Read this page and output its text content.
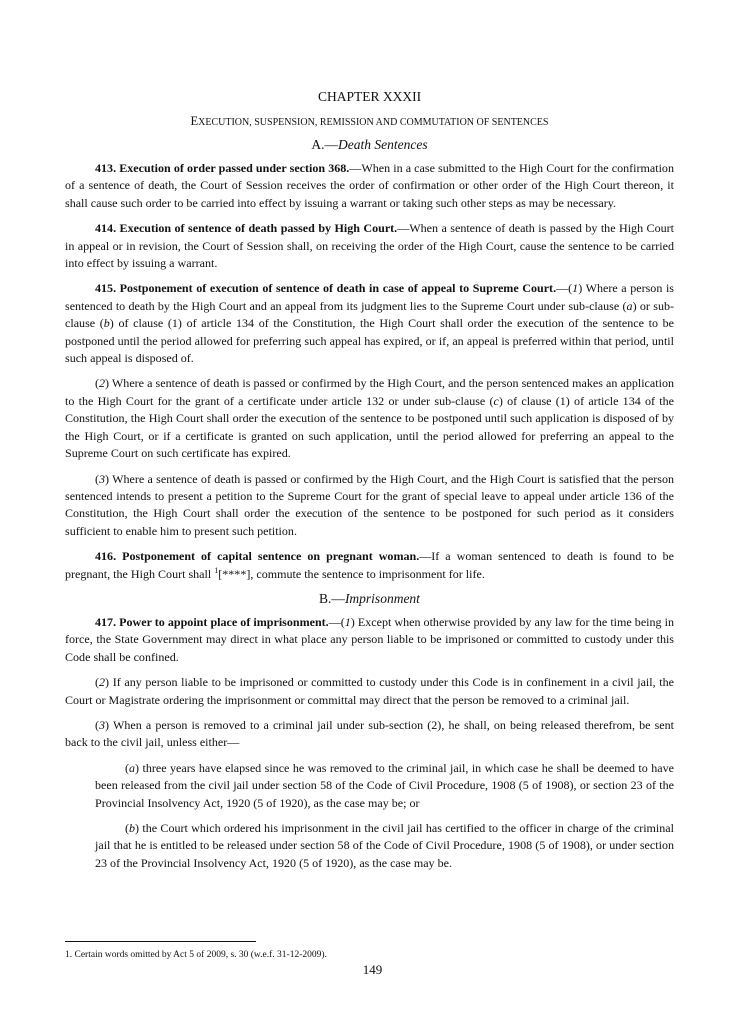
CHAPTER XXXII
EXECUTION, SUSPENSION, REMISSION AND COMMUTATION OF SENTENCES
A.—Death Sentences

413. Execution of order passed under section 368.—When in a case submitted to the High Court for the confirmation of a sentence of death, the Court of Session receives the order of confirmation or other order of the High Court thereon, it shall cause such order to be carried into effect by issuing a warrant or taking such other steps as may be necessary.

414. Execution of sentence of death passed by High Court.—When a sentence of death is passed by the High Court in appeal or in revision, the Court of Session shall, on receiving the order of the High Court, cause the sentence to be carried into effect by issuing a warrant.

415. Postponement of execution of sentence of death in case of appeal to Supreme Court.—(1) Where a person is sentenced to death by the High Court and an appeal from its judgment lies to the Supreme Court under sub-clause (a) or sub-clause (b) of clause (1) of article 134 of the Constitution, the High Court shall order the execution of the sentence to be postponed until the period allowed for preferring such appeal has expired, or if, an appeal is preferred within that period, until such appeal is disposed of.

(2) Where a sentence of death is passed or confirmed by the High Court, and the person sentenced makes an application to the High Court for the grant of a certificate under article 132 or under sub-clause (c) of clause (1) of article 134 of the Constitution, the High Court shall order the execution of the sentence to be postponed until such application is disposed of by the High Court, or if a certificate is granted on such application, until the period allowed for preferring an appeal to the Supreme Court on such certificate has expired.

(3) Where a sentence of death is passed or confirmed by the High Court, and the High Court is satisfied that the person sentenced intends to present a petition to the Supreme Court for the grant of special leave to appeal under article 136 of the Constitution, the High Court shall order the execution of the sentence to be postponed for such period as it considers sufficient to enable him to present such petition.

416. Postponement of capital sentence on pregnant woman.—If a woman sentenced to death is found to be pregnant, the High Court shall $^1$[****], commute the sentence to imprisonment for life.

B.—Imprisonment

417. Power to appoint place of imprisonment.—(1) Except when otherwise provided by any law for the time being in force, the State Government may direct in what place any person liable to be imprisoned or committed to custody under this Code shall be confined.

(2) If any person liable to be imprisoned or committed to custody under this Code is in confinement in a civil jail, the Court or Magistrate ordering the imprisonment or committal may direct that the person be removed to a criminal jail.

(3) When a person is removed to a criminal jail under sub-section (2), he shall, on being released therefrom, be sent back to the civil jail, unless either—

(a) three years have elapsed since he was removed to the criminal jail, in which case he shall be deemed to have been released from the civil jail under section 58 of the Code of Civil Procedure, 1908 (5 of 1908), or section 23 of the Provincial Insolvency Act, 1920 (5 of 1920), as the case may be; or

(b) the Court which ordered his imprisonment in the civil jail has certified to the officer in charge of the criminal jail that he is entitled to be released under section 58 of the Code of Civil Procedure, 1908 (5 of 1908), or under section 23 of the Provincial Insolvency Act, 1920 (5 of 1920), as the case may be.

1. Certain words omitted by Act 5 of 2009, s. 30 (w.e.f. 31-12-2009).
149
